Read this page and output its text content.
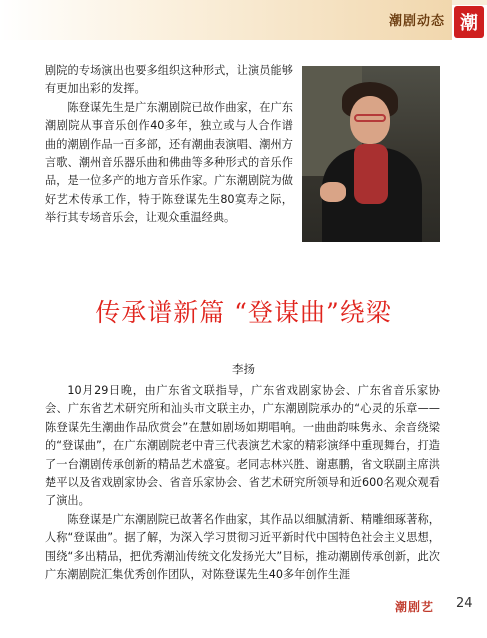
潮剧动态 潮

剧院的专场演出也要多组织这种形式，让演员能够有更加出彩的发挥。

陈登谋先生是广东潮剧院已故作曲家，在广东潮剧院从事音乐创作40多年，独立或与人合作谱曲的潮剧作品一百多部，还有潮曲表演唱、潮州方言歌、潮州音乐器乐曲和佛曲等多种形式的音乐作品，是一位多产的地方音乐作家。广东潮剧院为做好艺术传承工作，特于陈登谋先生80寞寿之际，举行其专场音乐会，让观众重温经典。

传承谱新篇 “登谋曲”绕梁
李扬

10月29日晚，由广东省文联指导，广东省戏剧家协会、广东省音乐家协会、广东省艺术研究所和汕头市文联主办，广东潮剧院承办的“心灵的乐章——陈登谋先生潮曲作品欣赏会”在慧如剧场如期唱响。一曲曲韵味隽永、余音绕梁的“登谋曲”，在广东潮剧院老中青三代表演艺术家的精彩演绎中重现舞台，打造了一台潮剧传承创新的精品艺术盛宴。老同志林兴胜、谢惠鹏，省文联副主席洪楚平以及省戏剧家协会、省音乐家协会、省艺术研究所领导和近600名观众观看了演出。

陈登谋是广东潮剧院已故著名作曲家，其作品以细腻清新、精雕细琢著称，人称“登谋曲”。据了解，为深入学习贯彻习近平新时代中国特色社会主义思想，围绕“多出精品，把优秀潮汕传统文化发扬光大”目标，推动潮剧传承创新，此次广东潮剧院汇集优秀创作团队，对陈登谋先生40多年创作生涯

潮剧艺 24
